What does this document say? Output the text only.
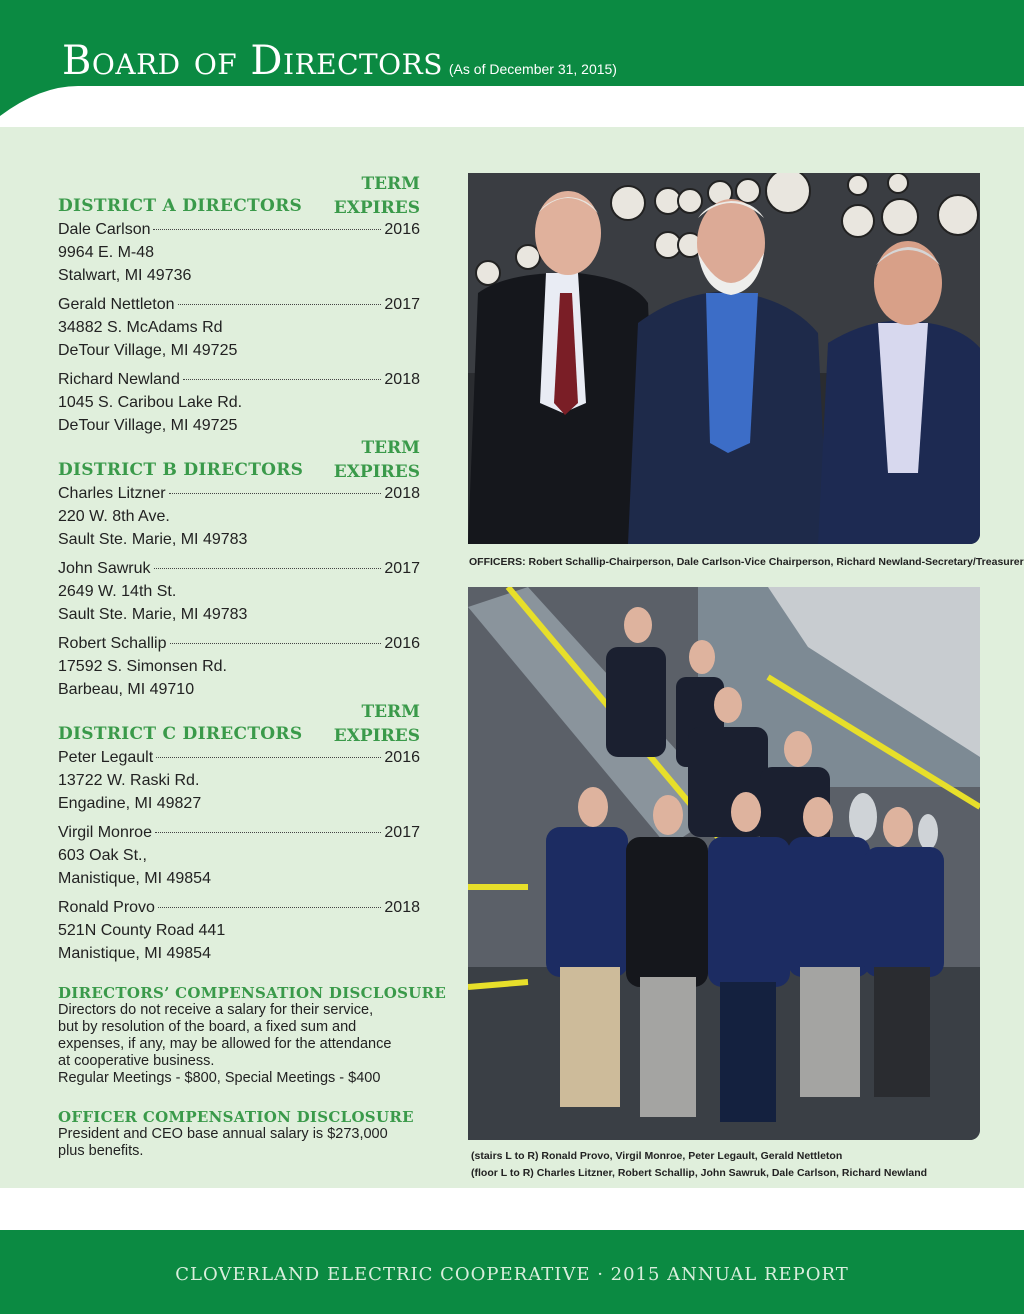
Board of Directors (As of December 31, 2015)
TERM
EXPIRES
DISTRICT A DIRECTORS
Dale Carlson	2016
9964 E. M-48
Stalwart, MI 49736
Gerald Nettleton	2017
34882 S. McAdams Rd
DeTour Village, MI 49725
Richard Newland	2018
1045 S. Caribou Lake Rd.
DeTour Village, MI 49725
TERM
EXPIRES
DISTRICT B DIRECTORS
Charles Litzner	2018
220 W. 8th Ave.
Sault Ste. Marie, MI 49783
John Sawruk	2017
2649 W. 14th St.
Sault Ste. Marie, MI 49783
Robert Schallip	2016
17592 S. Simonsen Rd.
Barbeau, MI 49710
TERM
EXPIRES
DISTRICT C DIRECTORS
Peter Legault	2016
13722 W. Raski Rd.
Engadine, MI 49827
Virgil Monroe	2017
603 Oak St.,
Manistique, MI 49854
Ronald Provo	2018
521N County Road 441
Manistique, MI 49854
DIRECTORS’ COMPENSATION DISCLOSURE
Directors do not receive a salary for their service,
but by resolution of the board, a fixed sum and
expenses, if any, may be allowed for the attendance
at cooperative business.
Regular Meetings - $800, Special Meetings - $400
OFFICER COMPENSATION DISCLOSURE
President and CEO base annual salary is $273,000
plus benefits.
OFFICERS: Robert Schallip-Chairperson, Dale Carlson-Vice Chairperson, Richard Newland-Secretary/Treasurer
(stairs L to R) Ronald Provo, Virgil Monroe, Peter Legault, Gerald Nettleton
(floor L to R) Charles Litzner, Robert Schallip, John Sawruk, Dale Carlson, Richard Newland
CLOVERLAND ELECTRIC COOPERATIVE · 2015 ANNUAL REPORT
